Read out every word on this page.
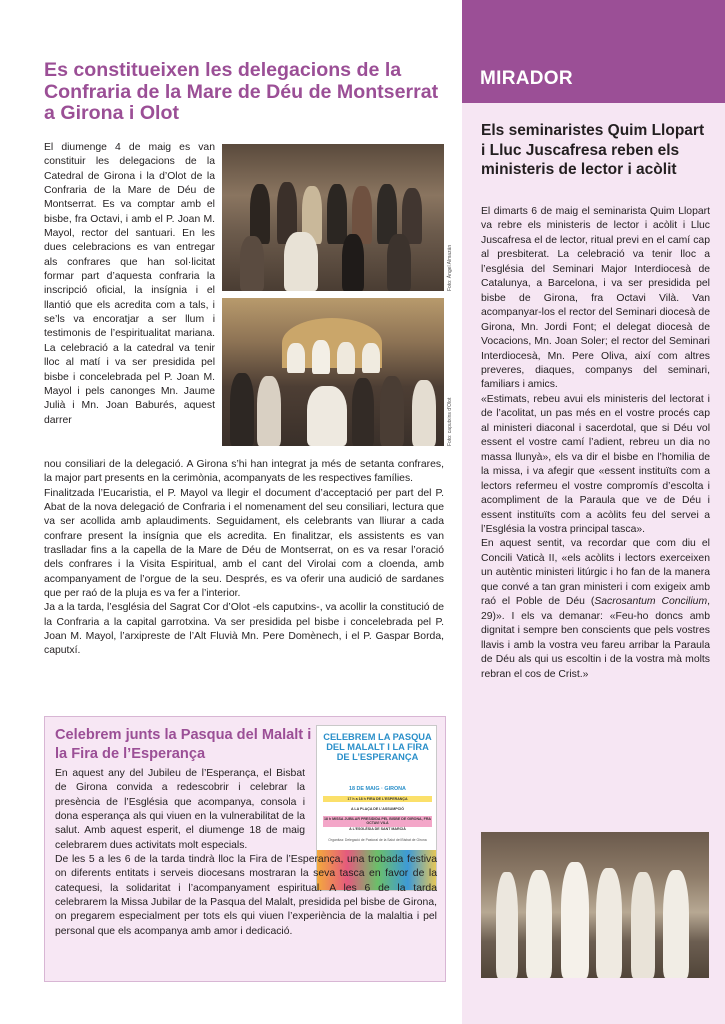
Es constitueixen les delegacions de la Confraria de la Mare de Déu de Montserrat a Girona i Olot
El diumenge 4 de maig es van constituir les delegacions de la Catedral de Girona i la d’Olot de la Confraria de la Mare de Déu de Montserrat. Es va comptar amb el bisbe, fra Octavi, i amb el P. Joan M. Mayol, rector del santuari. En les dues celebracions es van entregar als confrares que han sol·licitat formar part d’aquesta confraria la inscripció oficial, la insígnia i el llantió que els acredita com a tals, i se’ls va encoratjar a ser llum i testimonis de l’espiritualitat mariana. La celebració a la catedral va tenir lloc al matí i va ser presidida pel bisbe i concelebrada pel P. Joan M. Mayol i pels canonges Mn. Jaume Julià i Mn. Joan Baburés, aquest darrer
Foto: Àngel Almazán
Foto: caputxins d’Olot

nou consiliari de la delegació. A Girona s’hi han integrat ja més de setanta confrares, la major part presents en la cerimònia, acompanyats de les respectives famílies.

Finalitzada l’Eucaristia, el P. Mayol va llegir el document d’acceptació per part del P. Abat de la nova delegació de Confraria i el nomenament del seu consiliari, lectura que va ser acollida amb aplaudiments. Seguidament, els celebrants van lliurar a cada confrare present la insígnia que els acredita. En finalitzar, els assistents es van traslladar fins a la capella de la Mare de Déu de Montserrat, on es va resar l’oració dels confrares i la Visita Espiritual, amb el cant del Virolai com a cloenda, amb acompanyament de l’orgue de la seu. Després, es va oferir una audició de sardanes que per raó de la pluja es va fer a l’interior.

Ja a la tarda, l’església del Sagrat Cor d’Olot -els caputxins-, va acollir la constitució de la Confraria a la capital garrotxina. Va ser presidida pel bisbe i concelebrada pel P. Joan M. Mayol, l’arxipreste de l’Alt Fluvià Mn. Pere Domènech, i el P. Gaspar Borda, caputxí.

Celebrem junts la Pasqua del Malalt i la Fira de l’Esperança
En aquest any del Jubileu de l’Esperança, el Bisbat de Girona convida a redescobrir i celebrar la presència de l’Església que acompanya, consola i dona esperança als qui viuen en la vulnerabilitat de la salut. Amb aquest esperit, el diumenge 18 de maig celebrarem dues activitats molt especials.
CELEBREM LA PASQUA DEL MALALT I LA FIRA DE L’ESPERANÇA
18 DE MAIG · GIRONA
17 h a 18 h FIRA DE L’ESPERANÇA
A LA PLAÇA DE L’ASSUMPCIÓ
18 h MISSA JUBILAR PRESIDIDA PEL BISBE DE GIRONA, FRA OCTAVI VILÀ
A L’ESGLÉSIA DE SANT MARCIÀ
Organitza: Delegació de Pastoral de la Salut del Bisbat de Girona
De les 5 a les 6 de la tarda tindrà lloc la Fira de l’Esperança, una trobada festiva on diferents entitats i serveis diocesans mostraran la seva tasca en favor de la catequesi, la solidaritat i l’acompanyament espiritual. A les 6 de la tarda celebrarem la Missa Jubilar de la Pasqua del Malalt, presidida pel bisbe de Girona, on pregarem especialment per tots els qui viuen l’experiència de la malaltia i pel personal que els acompanya amb amor i dedicació.
MIRADOR
Els seminaristes Quim Llopart i Lluc Juscafresa reben els ministeris de lector i acòlit

El dimarts 6 de maig el seminarista Quim Llopart va rebre els ministeris de lector i acòlit i Lluc Juscafresa el de lector, ritual previ en el camí cap al presbiterat. La celebració va tenir lloc a l’església del Seminari Major Interdiocesà de Catalunya, a Barcelona, i va ser presidida pel bisbe de Girona, fra Octavi Vilà. Van acompanyar-los el rector del Seminari diocesà de Girona, Mn. Jordi Font; el delegat diocesà de Vocacions, Mn. Joan Soler; el rector del Seminari Interdiocesà, Mn. Pere Oliva, així com altres preveres, diaques, companys del seminari, familiars i amics.

«Estimats, rebeu avui els ministeris del lectorat i de l’acolitat, un pas més en el vostre procés cap al ministeri diaconal i sacerdotal, que si Déu vol essent el vostre camí l’adient, rebreu un dia no massa llunyà», els va dir el bisbe en l’homilia de la missa, i va afegir que «essent instituïts com a lectors refermeu el vostre compromís d’escolta i acompliment de la Paraula que ve de Déu i essent instituïts com a acòlits feu del servei a l’Església la vostra principal tasca».

En aquest sentit, va recordar que com diu el Concili Vaticà II, «els acòlits i lectors exerceixen un autèntic ministeri litúrgic i ho fan de la manera que convé a tan gran ministeri i com exigeix amb raó el Poble de Déu (Sacrosantum Concilium, 29)». I els va demanar: «Feu-ho doncs amb dignitat i sempre ben conscients que pels vostres llavis i amb la vostra veu fareu arribar la Paraula de Déu als qui us escoltin i de la vostra mà molts rebran el cos de Crist.»
